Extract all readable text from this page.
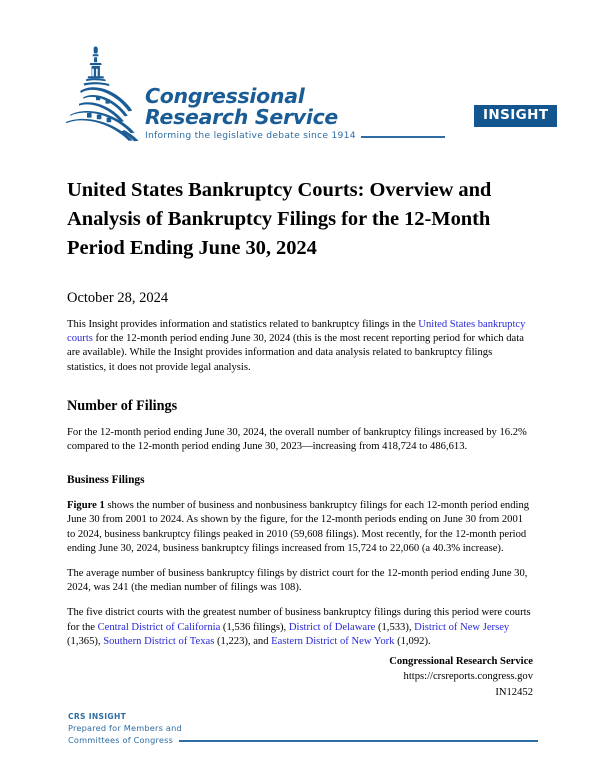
Congressional
Research Service
Informing the legislative debate since 1914
INSIGHT
United States Bankruptcy Courts: Overview and Analysis of Bankruptcy Filings for the 12-Month Period Ending June 30, 2024
October 28, 2024

This Insight provides information and statistics related to bankruptcy filings in the United States bankruptcy courts for the 12-month period ending June 30, 2024 (this is the most recent reporting period for which data are available). While the Insight provides information and data analysis related to bankruptcy filings statistics, it does not provide legal analysis.

Number of Filings

For the 12-month period ending June 30, 2024, the overall number of bankruptcy filings increased by 16.2% compared to the 12-month period ending June 30, 2023—increasing from 418,724 to 486,613.

Business Filings

Figure 1 shows the number of business and nonbusiness bankruptcy filings for each 12-month period ending June 30 from 2001 to 2024. As shown by the figure, for the 12-month periods ending on June 30 from 2001 to 2024, business bankruptcy filings peaked in 2010 (59,608 filings). Most recently, for the 12-month period ending June 30, 2024, business bankruptcy filings increased from 15,724 to 22,060 (a 40.3% increase).

The average number of business bankruptcy filings by district court for the 12-month period ending June 30, 2024, was 241 (the median number of filings was 108).

The five district courts with the greatest number of business bankruptcy filings during this period were courts for the Central District of California (1,536 filings), District of Delaware (1,533), District of New Jersey (1,365), Southern District of Texas (1,223), and Eastern District of New York (1,092).

Congressional Research Service
https://crsreports.congress.gov
IN12452
CRS INSIGHT
Prepared for Members and
Committees of Congress
